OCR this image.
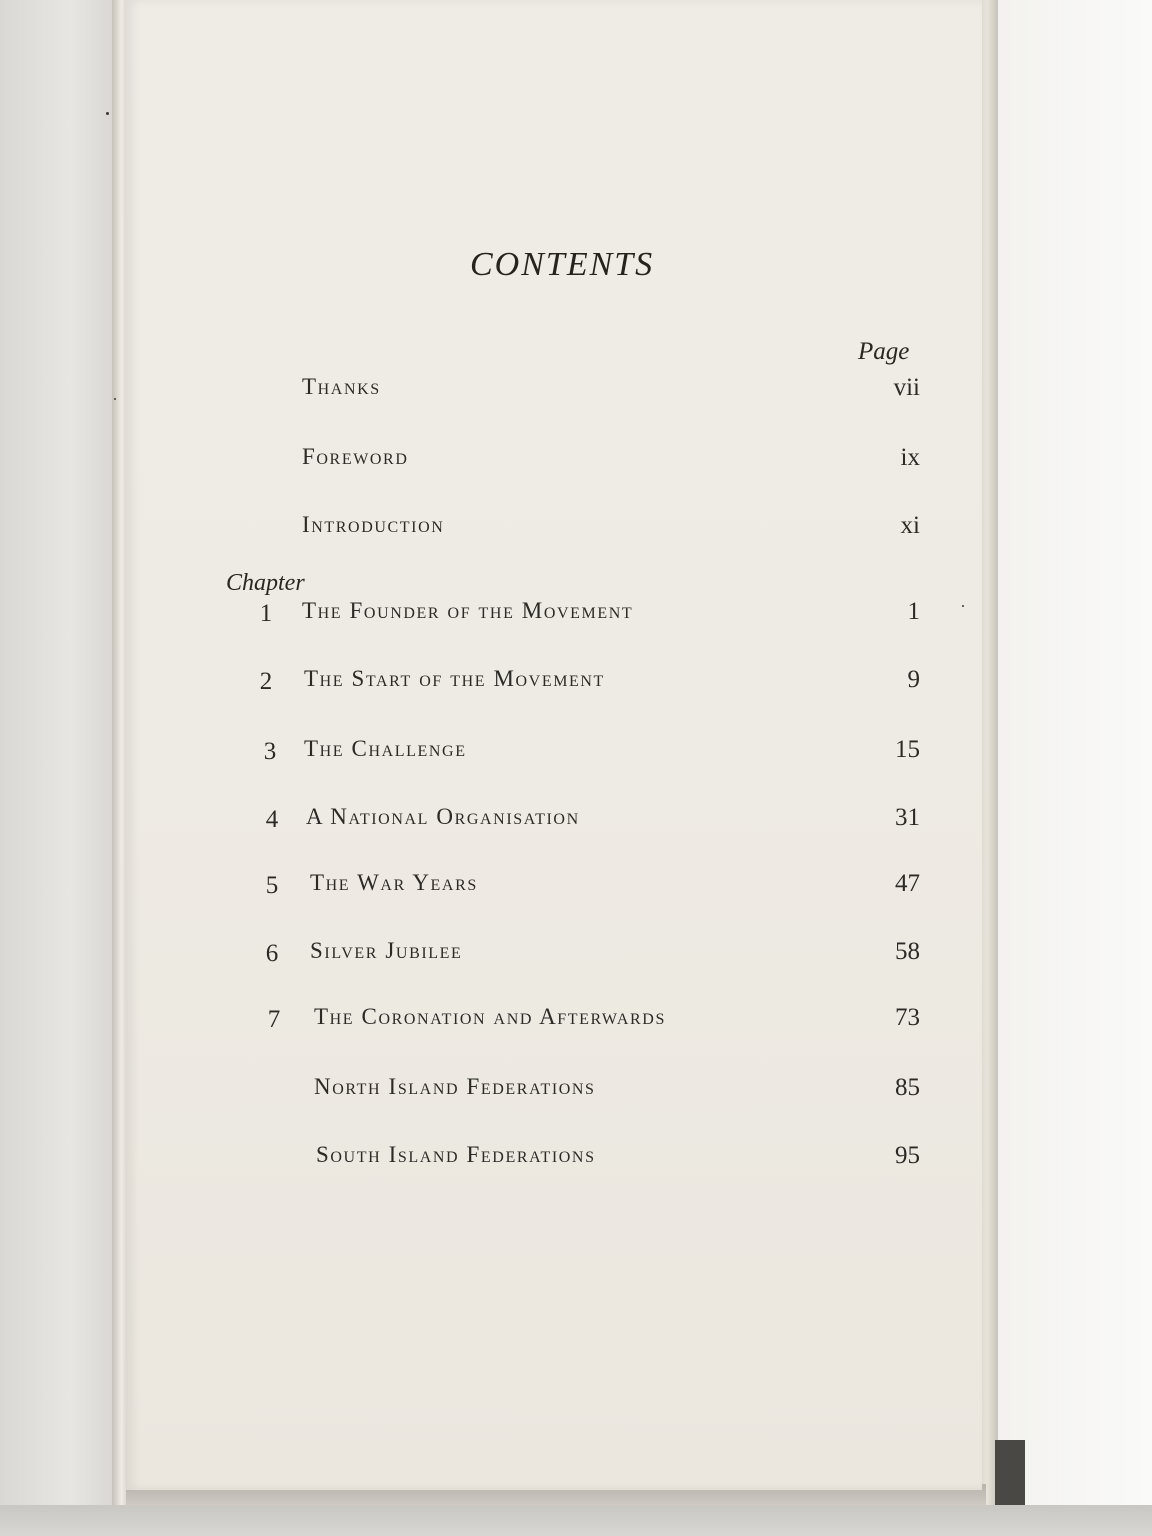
CONTENTS
Page
Thanks	vii
Foreword	ix
Introduction	xi
Chapter
1	The Founder of the Movement	1
2	The Start of the Movement	9
3	The Challenge	15
4	A National Organisation	31
5	The War Years	47
6	Silver Jubilee	58
7	The Coronation and Afterwards	73
North Island Federations	85
South Island Federations	95
